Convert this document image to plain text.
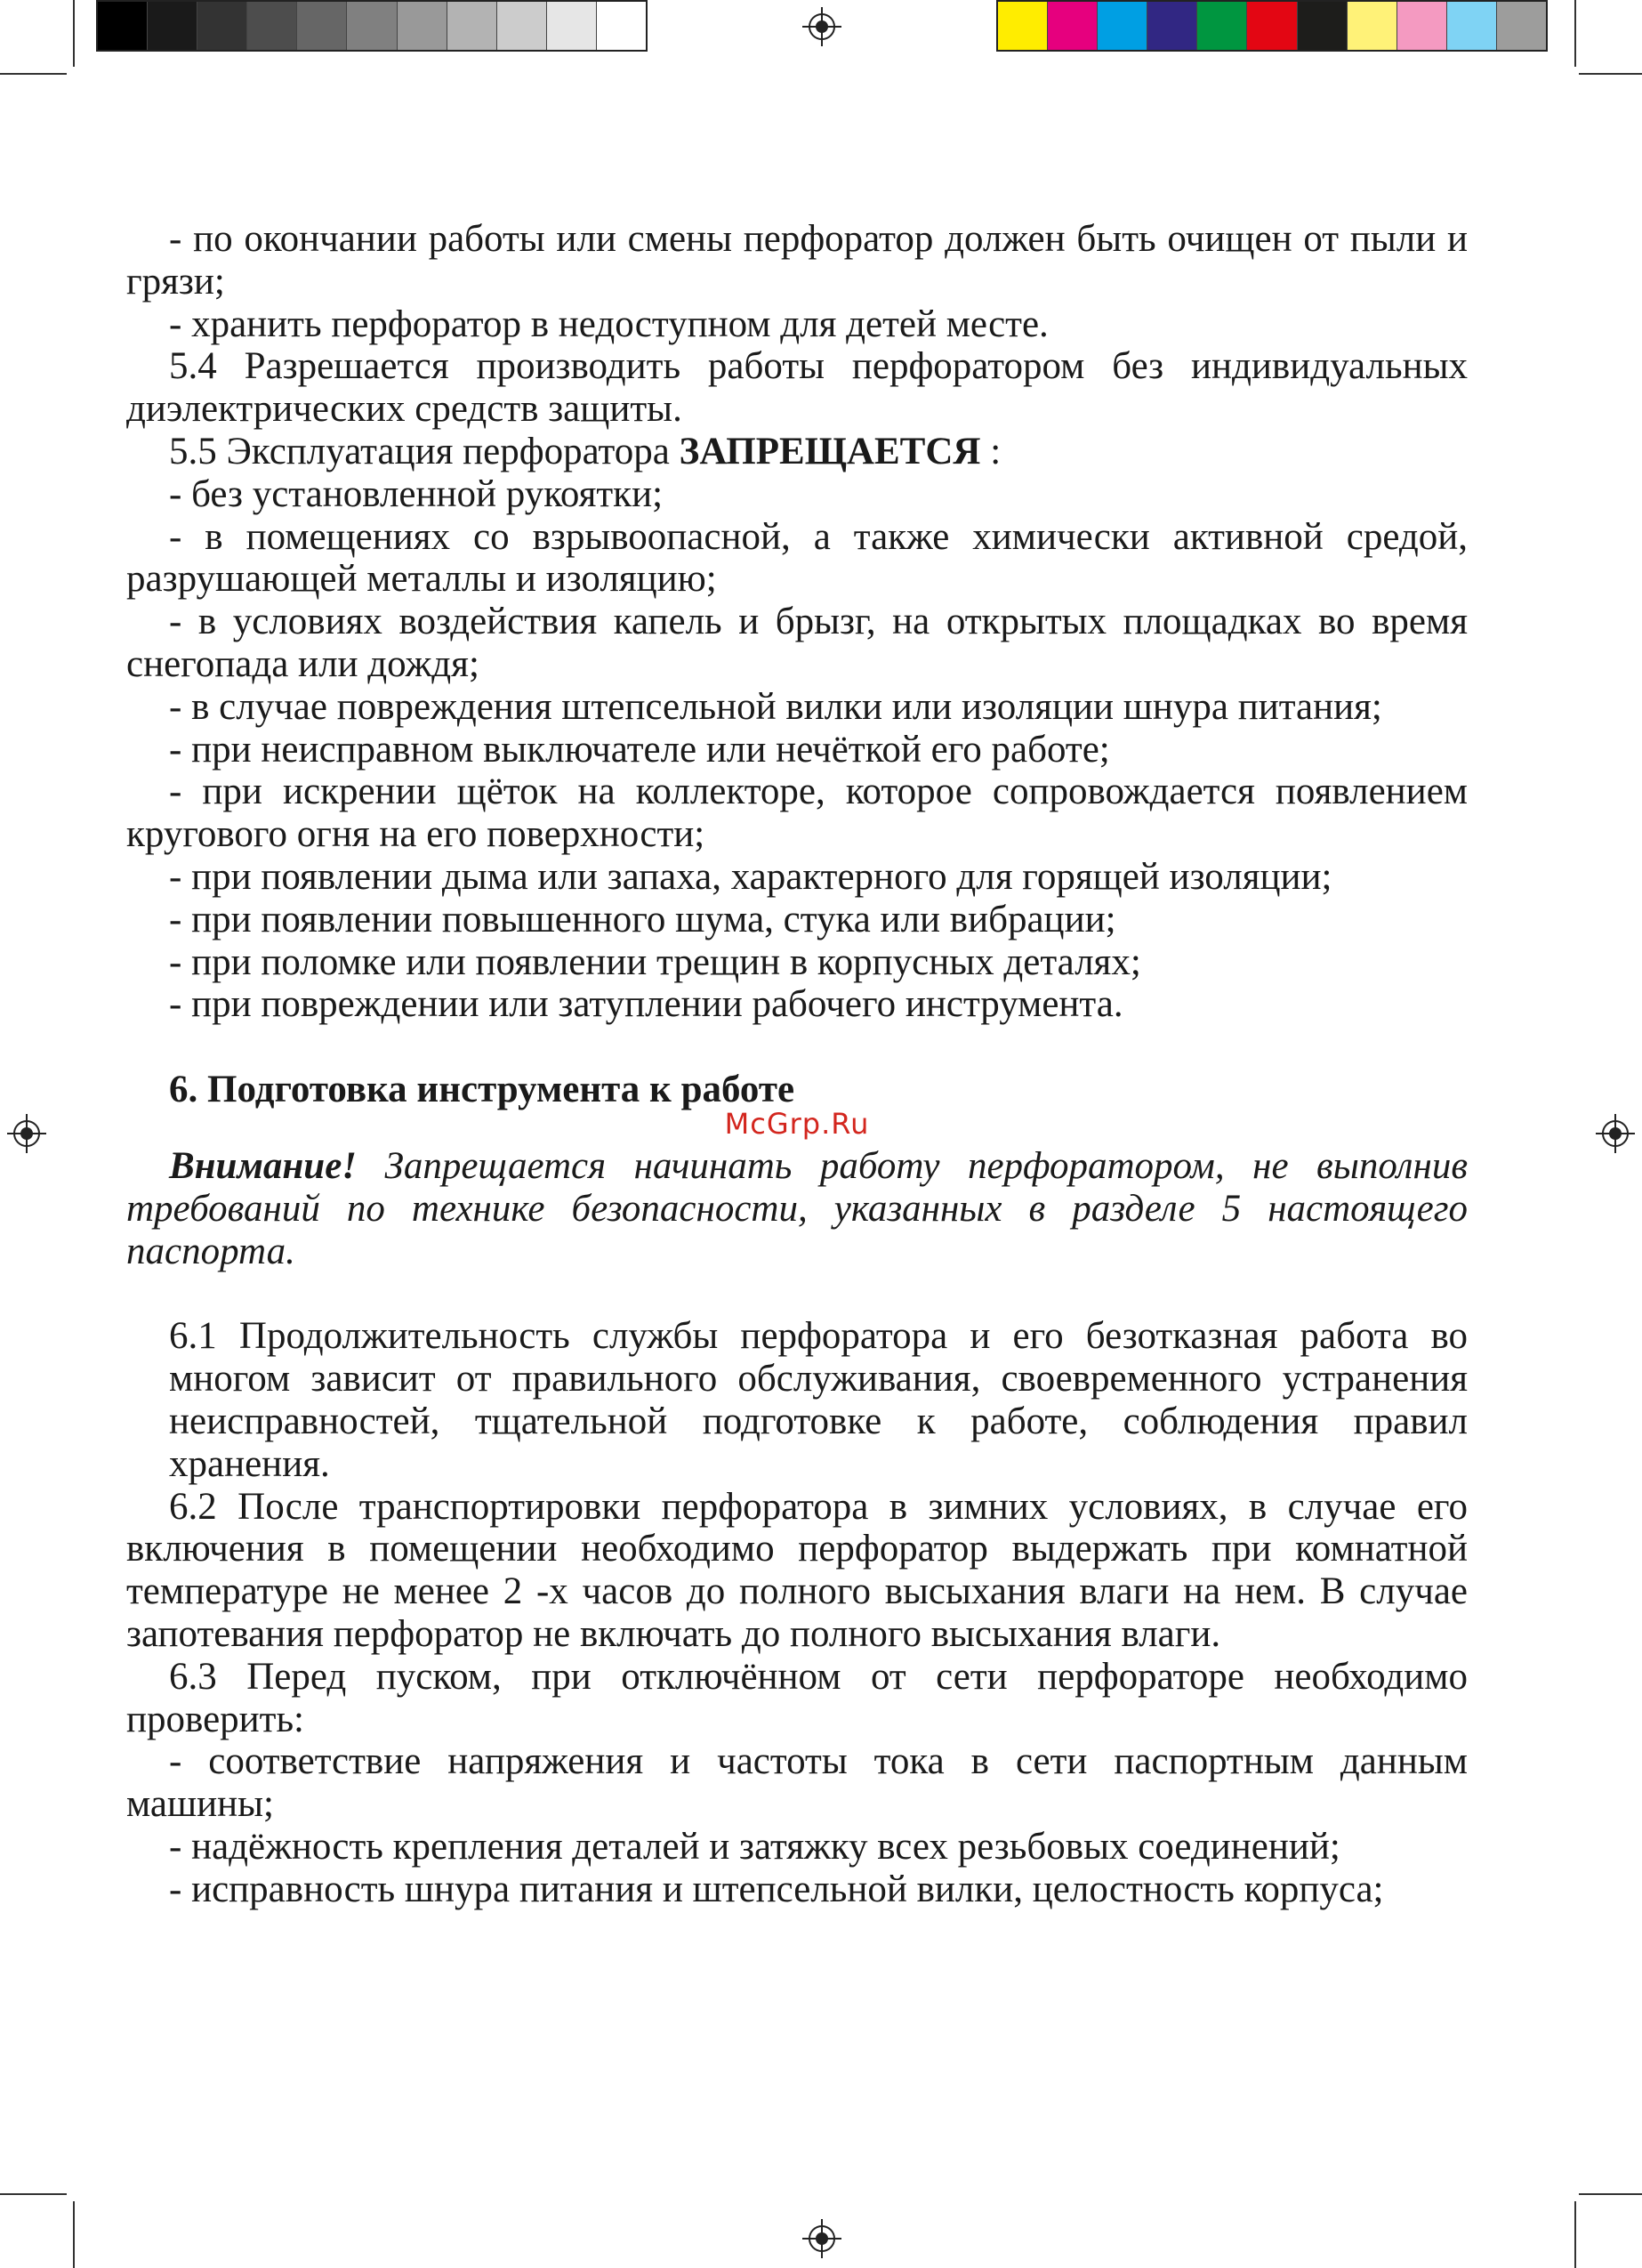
- по окончании работы или смены перфоратор должен быть очищен от пыли и грязи;

- хранить перфоратор в недоступном для детей месте.

5.4 Разрешается производить работы перфоратором без индивидуальных диэлектрических средств защиты.

5.5 Эксплуатация перфоратора ЗАПРЕЩАЕТСЯ :

- без установленной рукоятки;

- в помещениях со взрывоопасной, а также химически активной средой, разрушающей металлы и изоляцию;

- в условиях воздействия капель и брызг, на открытых площадках во время снегопада или дождя;

- в случае повреждения штепсельной вилки или изоляции шнура питания;

- при неисправном выключателе или нечёткой его работе;

- при искрении щёток на коллекторе, которое сопровождается появлением кругового огня на его поверхности;

- при появлении дыма или запаха, характерного для горящей изоляции;

- при появлении повышенного шума, стука или вибрации;

- при поломке или появлении трещин в корпусных деталях;

- при повреждении или затуплении рабочего инструмента.

6. Подготовка инструмента к работе

McGrp.Ru

Внимание! Запрещается начинать работу перфоратором, не выполнив требований по технике безопасности, указанных в разделе 5 настоящего паспорта.

6.1 Продолжительность службы перфоратора и его безотказная работа во многом зависит от правильного обслуживания, своевременного устранения неисправностей, тщательной подготовке к работе, соблюдения правил хранения.

6.2 После транспортировки перфоратора в зимних условиях, в случае его включения в помещении необходимо перфоратор выдержать при комнатной температуре не менее 2 -х часов до полного высыхания влаги на нем. В случае запотевания перфоратор не включать до полного высыхания влаги.

6.3 Перед пуском, при отключённом от сети перфораторе необходимо проверить:

- соответствие напряжения и частоты тока в сети паспортным данным машины;

- надёжность крепления деталей и затяжку всех резьбовых соединений;

- исправность шнура питания и штепсельной вилки, целостность корпуса;
